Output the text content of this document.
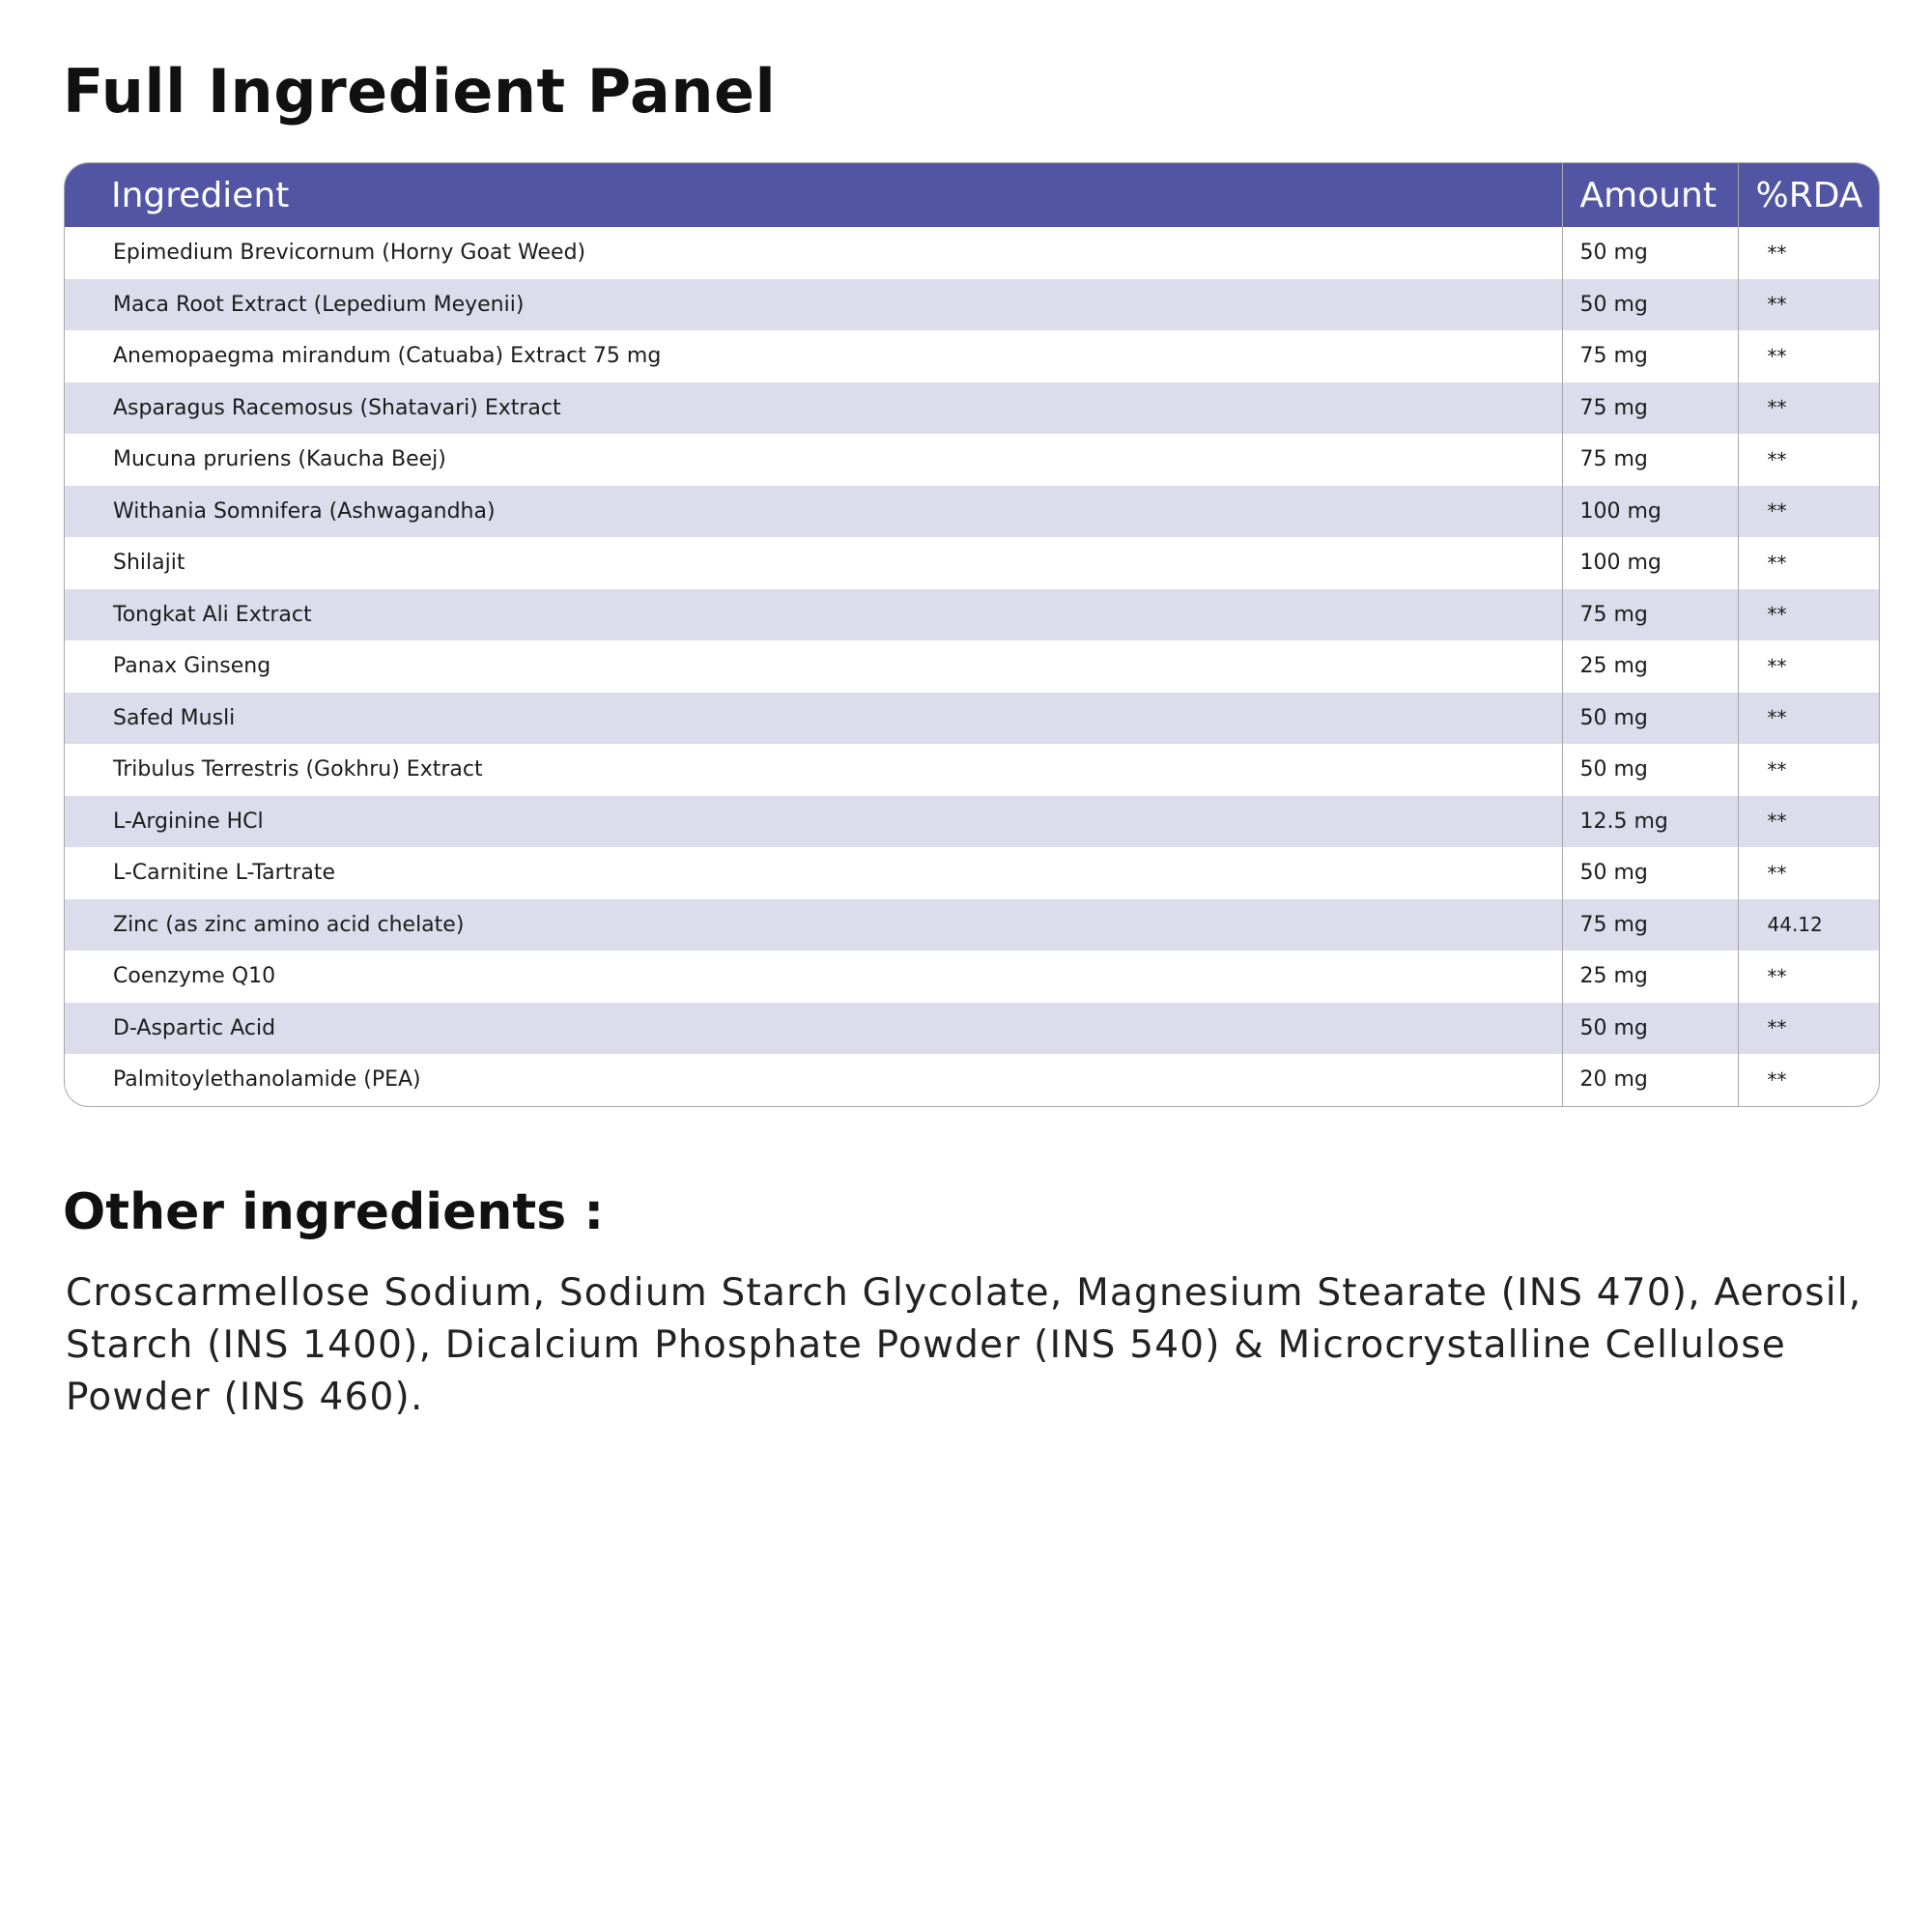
Full Ingredient Panel
Ingredient	Amount	%RDA
Epimedium Brevicornum (Horny Goat Weed)	50 mg	**
Maca Root Extract (Lepedium Meyenii)	50 mg	**
Anemopaegma mirandum (Catuaba) Extract 75 mg	75 mg	**
Asparagus Racemosus (Shatavari) Extract	75 mg	**
Mucuna pruriens (Kaucha Beej)	75 mg	**
Withania Somnifera (Ashwagandha)	100 mg	**
Shilajit	100 mg	**
Tongkat Ali Extract	75 mg	**
Panax Ginseng	25 mg	**
Safed Musli	50 mg	**
Tribulus Terrestris (Gokhru) Extract	50 mg	**
L-Arginine HCl	12.5 mg	**
L-Carnitine L-Tartrate	50 mg	**
Zinc (as zinc amino acid chelate)	75 mg	44.12
Coenzyme Q10	25 mg	**
D-Aspartic Acid	50 mg	**
Palmitoylethanolamide (PEA)	20 mg	**
Other ingredients :

Croscarmellose Sodium, Sodium Starch Glycolate, Magnesium Stearate (INS 470), Aerosil, Starch (INS 1400), Dicalcium Phosphate Powder (INS 540) & Microcrystalline Cellulose Powder (INS 460).
